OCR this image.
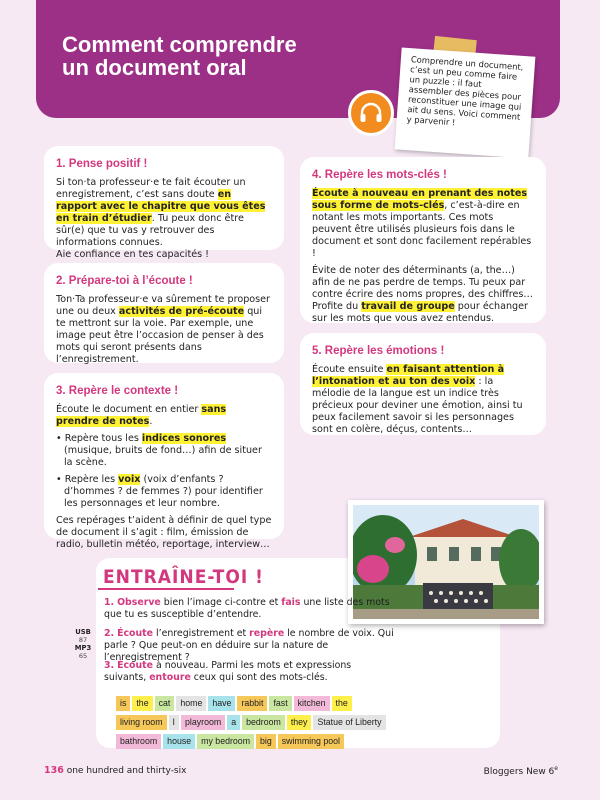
Comment comprendre
un document oral	Comprendre un document, c’est un peu comme faire un puzzle : il faut assembler des pièces pour reconstituer une image qui ait du sens. Voici comment y parvenir !
1. Pense positif !

Si ton·ta professeur·e te fait écouter un enregistrement, c’est sans doute en rapport avec le chapitre que vous êtes en train d’étudier. Tu peux donc être sûr(e) que tu vas y retrouver des informations connues.
Aie confiance en tes capacités !

2. Prépare-toi à l’écoute !

Ton·Ta professeur·e va sûrement te proposer une ou deux activités de pré-écoute qui te mettront sur la voie. Par exemple, une image peut être l’occasion de penser à des mots qui seront présents dans l’enregistrement.

3. Repère le contexte !

Écoute le document en entier sans prendre de notes.

• Repère tous les indices sonores (musique, bruits de fond…) afin de situer la scène.

• Repère les voix (voix d’enfants ? d’hommes ? de femmes ?) pour identifier les personnages et leur nombre.

Ces repérages t’aident à définir de quel type de document il s’agit : film, émission de radio, bulletin météo, reportage, interview…

4. Repère les mots-clés !

Écoute à nouveau en prenant des notes sous forme de mots-clés, c’est-à-dire en notant les mots importants. Ces mots peuvent être utilisés plusieurs fois dans le document et sont donc facilement repérables !

Évite de noter des déterminants (a, the…) afin de ne pas perdre de temps. Tu peux par contre écrire des noms propres, des chiffres… Profite du travail de groupe pour échanger sur les mots que vous avez entendus.

5. Repère les émotions !

Écoute ensuite en faisant attention à l’intonation et au ton des voix : la mélodie de la langue est un indice très précieux pour deviner une émotion, ainsi tu peux facilement savoir si les personnages sont en colère, déçus, contents…

ENTRAÎNE-TOI !
1. Observe bien l’image ci-contre et fais une liste des mots que tu es susceptible d’entendre.
USB
87
MP3
65
2. Écoute l’enregistrement et repère le nombre de voix. Qui parle ? Que peut-on en déduire sur la nature de l’enregistrement ?
3. Écoute à nouveau. Parmi les mots et expressions suivants, entoure ceux qui sont des mots-clés.
is the cat home have rabbit fast kitchen the
living room I playroom a bedroom they Statue of Liberty
bathroom house my bedroom big swimming pool
136 one hundred and thirty-six	Bloggers New 6e
